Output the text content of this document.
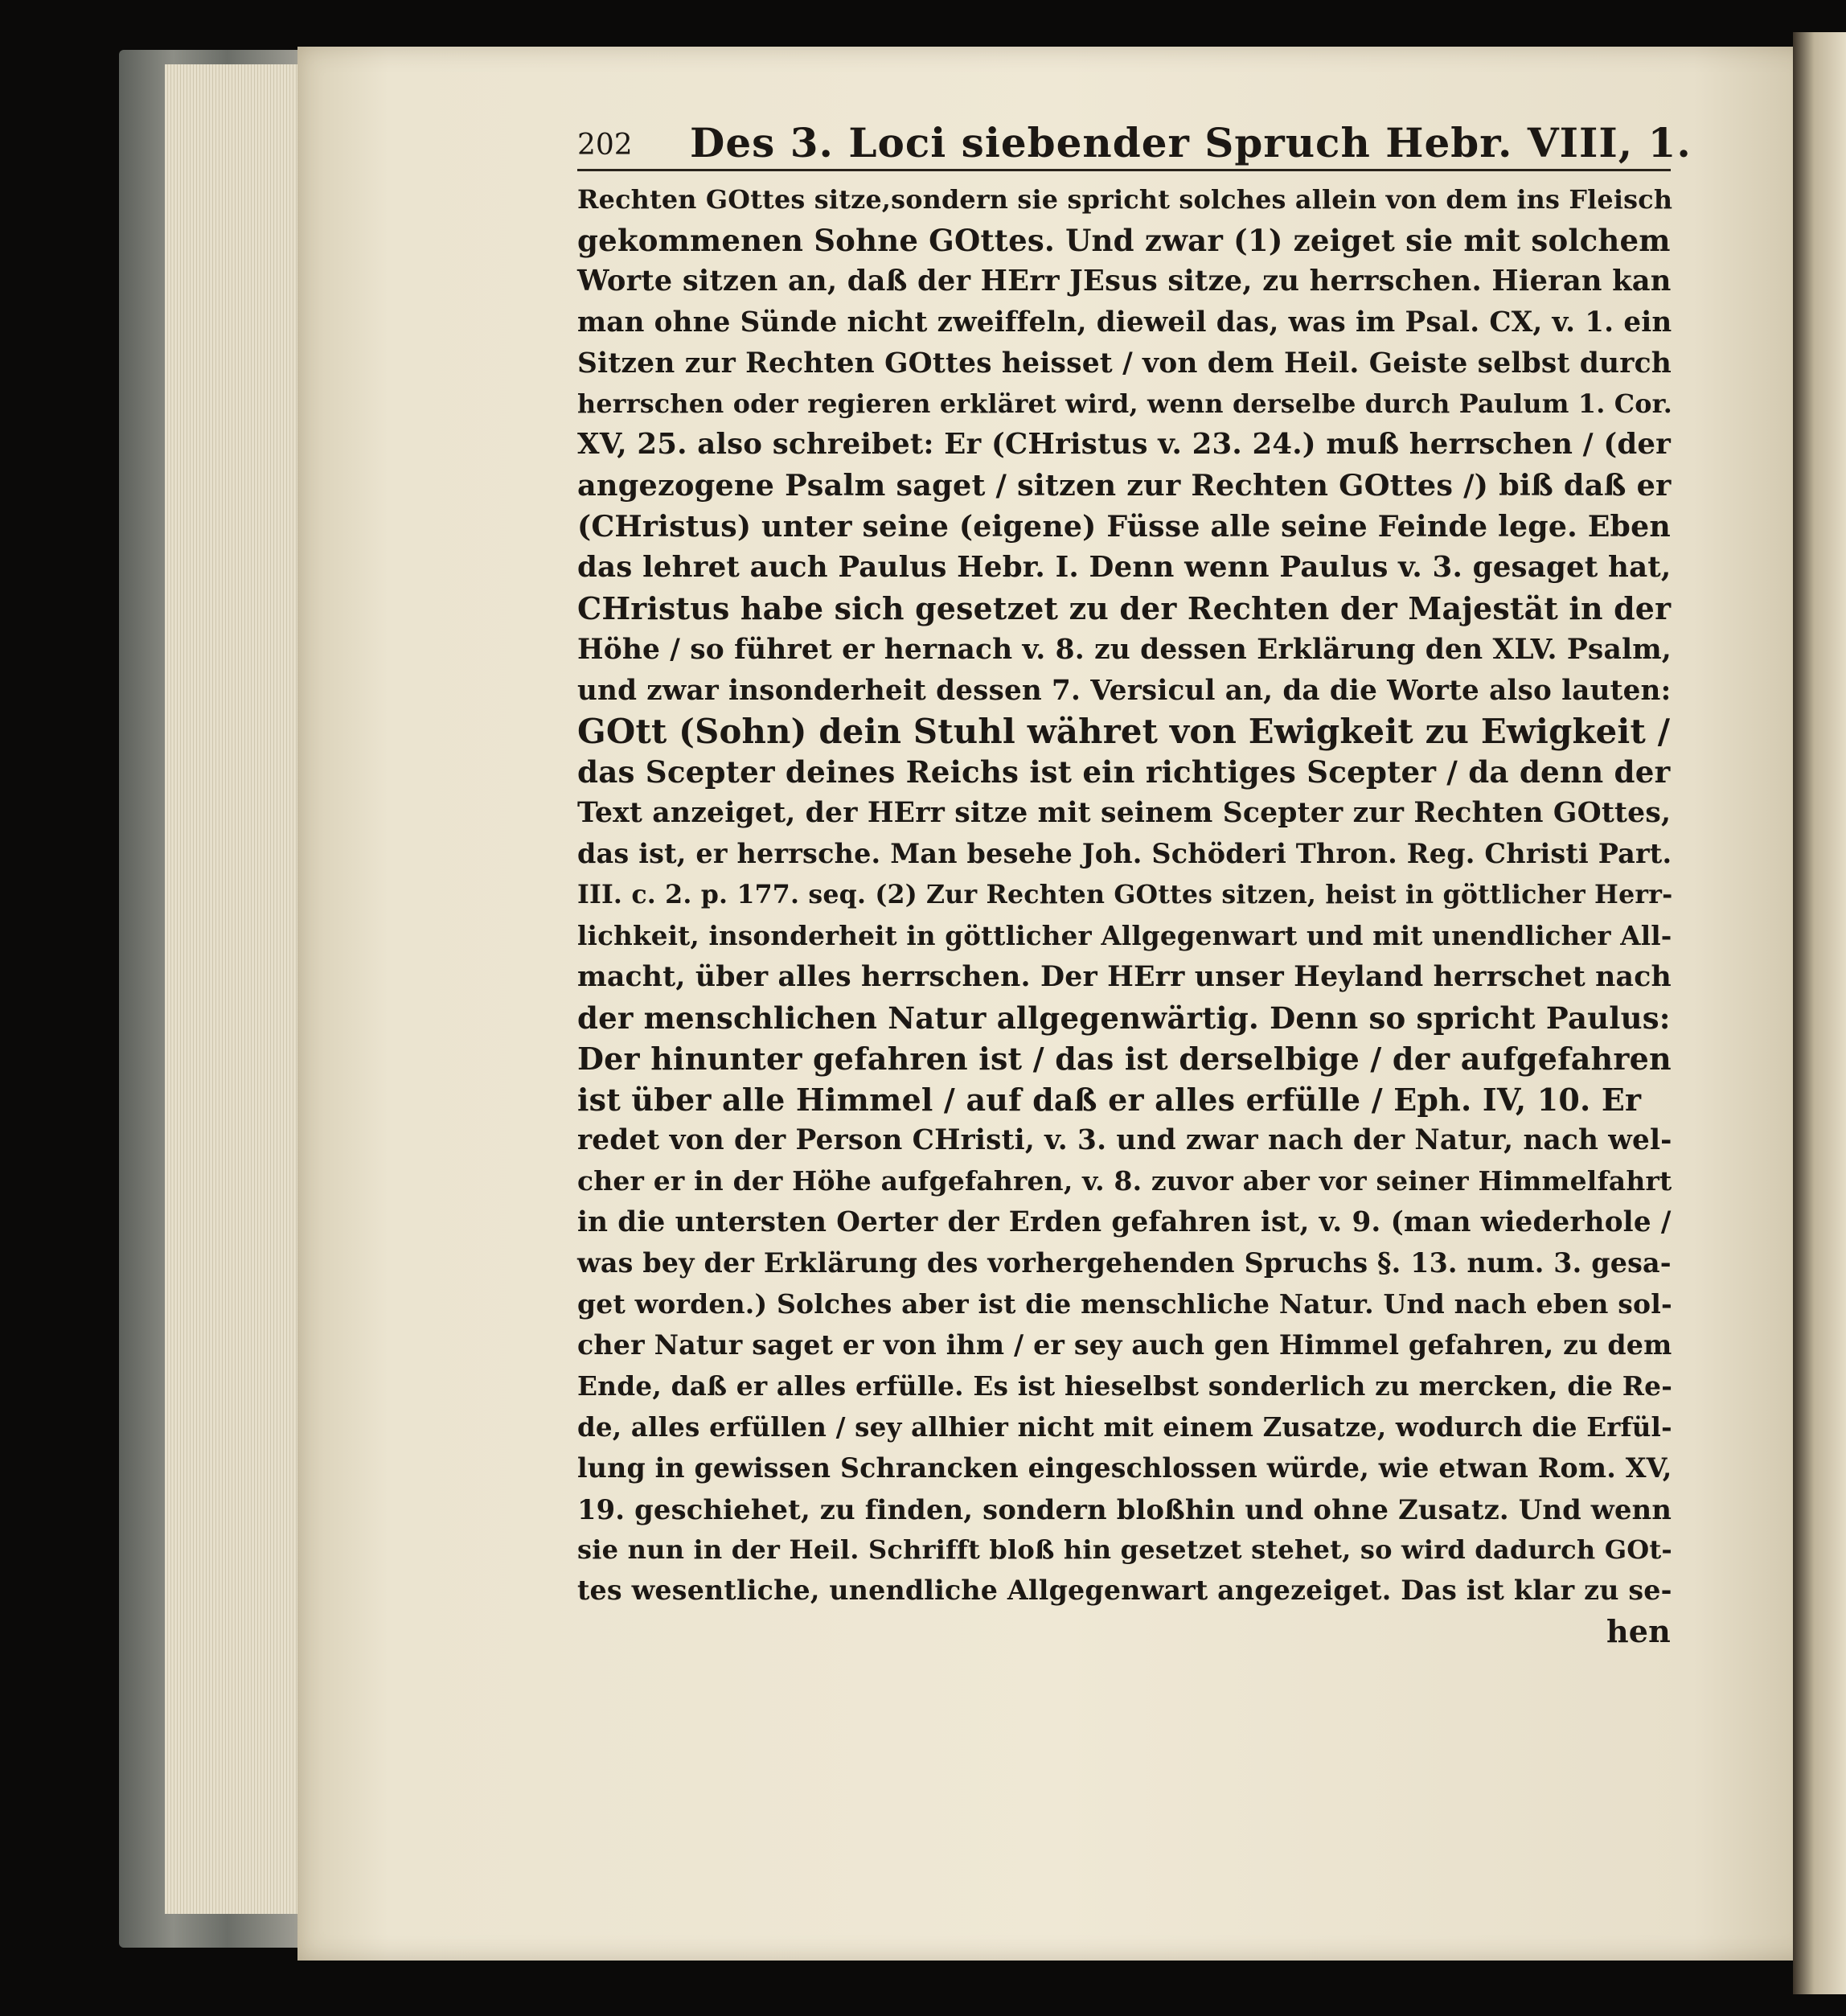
202 Des 3. Loci siebender Spruch Hebr. VIII, 1.
Rechten GOttes sitze,sondern sie spricht solches allein von dem ins Fleisch
gekommenen Sohne GOttes. Und zwar (1) zeiget sie mit solchem
Worte sitzen an, daß der HErr JEsus sitze, zu herrschen. Hieran kan
man ohne Sünde nicht zweiffeln, dieweil das, was im Psal. CX, v. 1. ein
Sitzen zur Rechten GOttes heisset / von dem Heil. Geiste selbst durch
herrschen oder regieren erkläret wird, wenn derselbe durch Paulum 1. Cor.
XV, 25. also schreibet: Er (CHristus v. 23. 24.) muß herrschen / (der
angezogene Psalm saget / sitzen zur Rechten GOttes /) biß daß er
(CHristus) unter seine (eigene) Füsse alle seine Feinde lege. Eben
das lehret auch Paulus Hebr. I. Denn wenn Paulus v. 3. gesaget hat,
CHristus habe sich gesetzet zu der Rechten der Majestät in der
Höhe / so führet er hernach v. 8. zu dessen Erklärung den XLV. Psalm,
und zwar insonderheit dessen 7. Versicul an, da die Worte also lauten:
GOtt (Sohn) dein Stuhl währet von Ewigkeit zu Ewigkeit /
das Scepter deines Reichs ist ein richtiges Scepter / da denn der
Text anzeiget, der HErr sitze mit seinem Scepter zur Rechten GOttes,
das ist, er herrsche. Man besehe Joh. Schöderi Thron. Reg. Christi Part.
III. c. 2. p. 177. seq. (2) Zur Rechten GOttes sitzen, heist in göttlicher Herr-
lichkeit, insonderheit in göttlicher Allgegenwart und mit unendlicher All-
macht, über alles herrschen. Der HErr unser Heyland herrschet nach
der menschlichen Natur allgegenwärtig. Denn so spricht Paulus:
Der hinunter gefahren ist / das ist derselbige / der aufgefahren
ist über alle Himmel / auf daß er alles erfülle / Eph. IV, 10. Er
redet von der Person CHristi, v. 3. und zwar nach der Natur, nach wel-
cher er in der Höhe aufgefahren, v. 8. zuvor aber vor seiner Himmelfahrt
in die untersten Oerter der Erden gefahren ist, v. 9. (man wiederhole /
was bey der Erklärung des vorhergehenden Spruchs §. 13. num. 3. gesa-
get worden.) Solches aber ist die menschliche Natur. Und nach eben sol-
cher Natur saget er von ihm / er sey auch gen Himmel gefahren, zu dem
Ende, daß er alles erfülle. Es ist hieselbst sonderlich zu mercken, die Re-
de, alles erfüllen / sey allhier nicht mit einem Zusatze, wodurch die Erfül-
lung in gewissen Schrancken eingeschlossen würde, wie etwan Rom. XV,
19. geschiehet, zu finden, sondern bloßhin und ohne Zusatz. Und wenn
sie nun in der Heil. Schrifft bloß hin gesetzet stehet, so wird dadurch GOt-
tes wesentliche, unendliche Allgegenwart angezeiget. Das ist klar zu se-
hen
